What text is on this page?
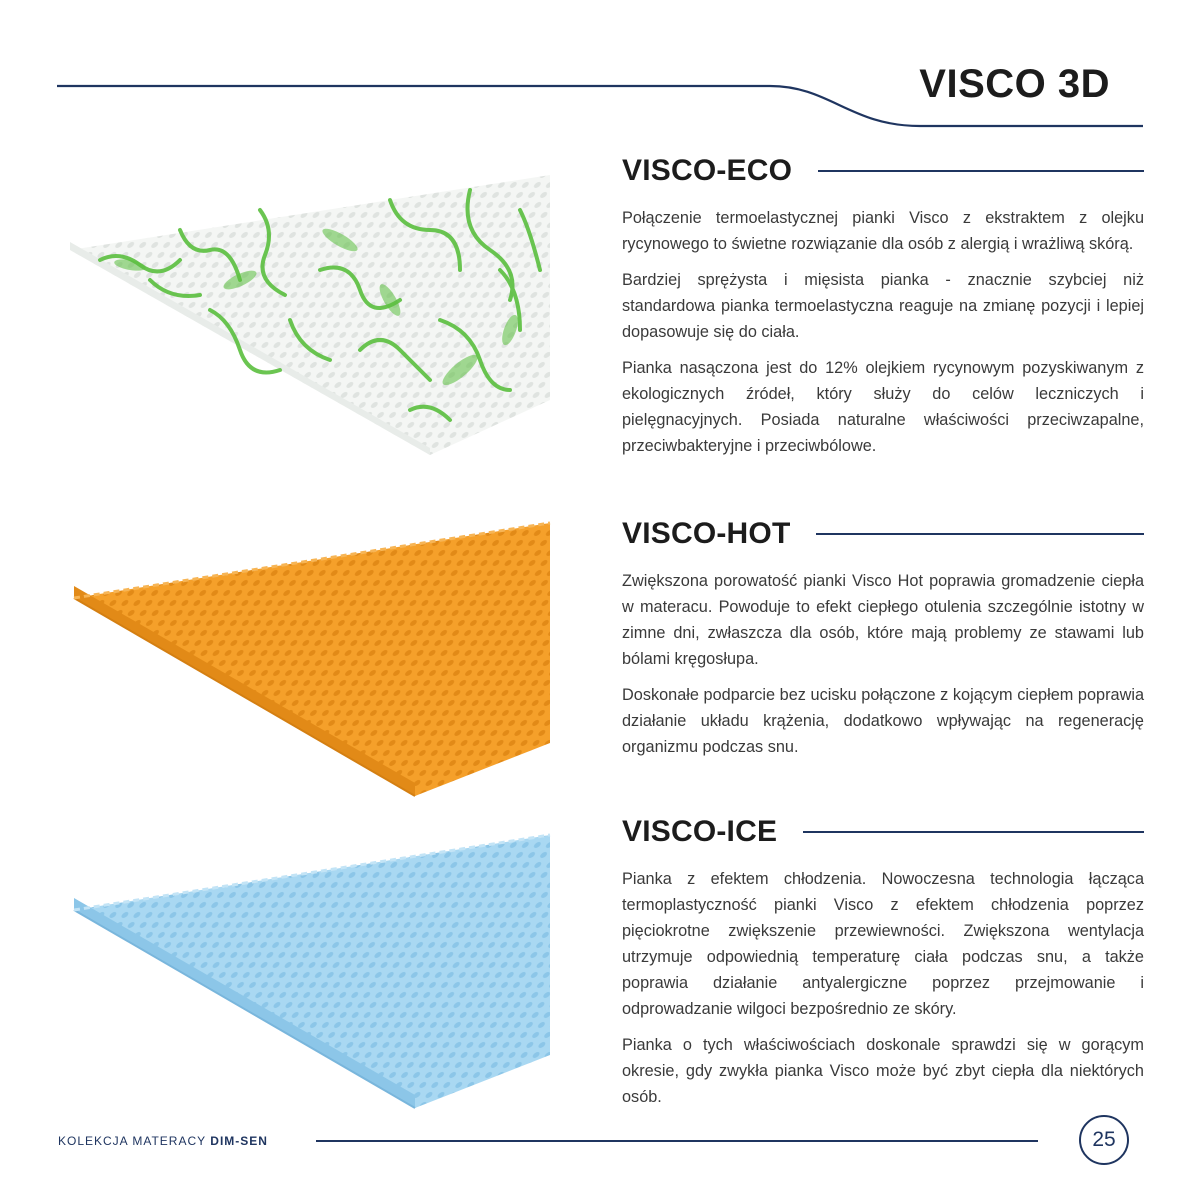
VISCO 3D
VISCO-ECO

Połączenie termoelastycznej pianki Visco z ekstraktem z olejku rycynowego to świetne rozwiązanie dla osób z alergią i wrażliwą skórą.

Bardziej sprężysta i mięsista pianka - znacznie szybciej niż standardowa pianka termoelastyczna reaguje na zmianę pozycji i lepiej dopasowuje się do ciała.

Pianka nasączona jest do 12% olejkiem rycynowym pozyskiwanym z ekologicznych źródeł, który służy do celów leczniczych i pielęgnacyjnych. Posiada naturalne właściwości przeciwzapalne, przeciwbakteryjne i przeciwbólowe.

VISCO-HOT

Zwiększona porowatość pianki Visco Hot poprawia gromadzenie ciepła w materacu. Powoduje to efekt ciepłego otulenia szczególnie istotny w zimne dni, zwłaszcza dla osób, które mają problemy ze stawami lub bólami kręgosłupa.

Doskonałe podparcie bez ucisku połączone z kojącym ciepłem poprawia działanie układu krążenia, dodatkowo wpływając na regenerację organizmu podczas snu.

VISCO-ICE

Pianka z efektem chłodzenia. Nowoczesna technologia łącząca termoplastyczność pianki Visco z efektem chłodzenia poprzez pięciokrotne zwiększenie przewiewności. Zwiększona wentylacja utrzymuje odpowiednią temperaturę ciała podczas snu, a także poprawia działanie antyalergiczne poprzez przejmowanie i odprowadzanie wilgoci bezpośrednio ze skóry.

Pianka o tych właściwościach doskonale sprawdzi się w gorącym okresie, gdy zwykła pianka Visco może być zbyt ciepła dla niektórych osób.

KOLEKCJA MATERACY DIM-SEN	25
